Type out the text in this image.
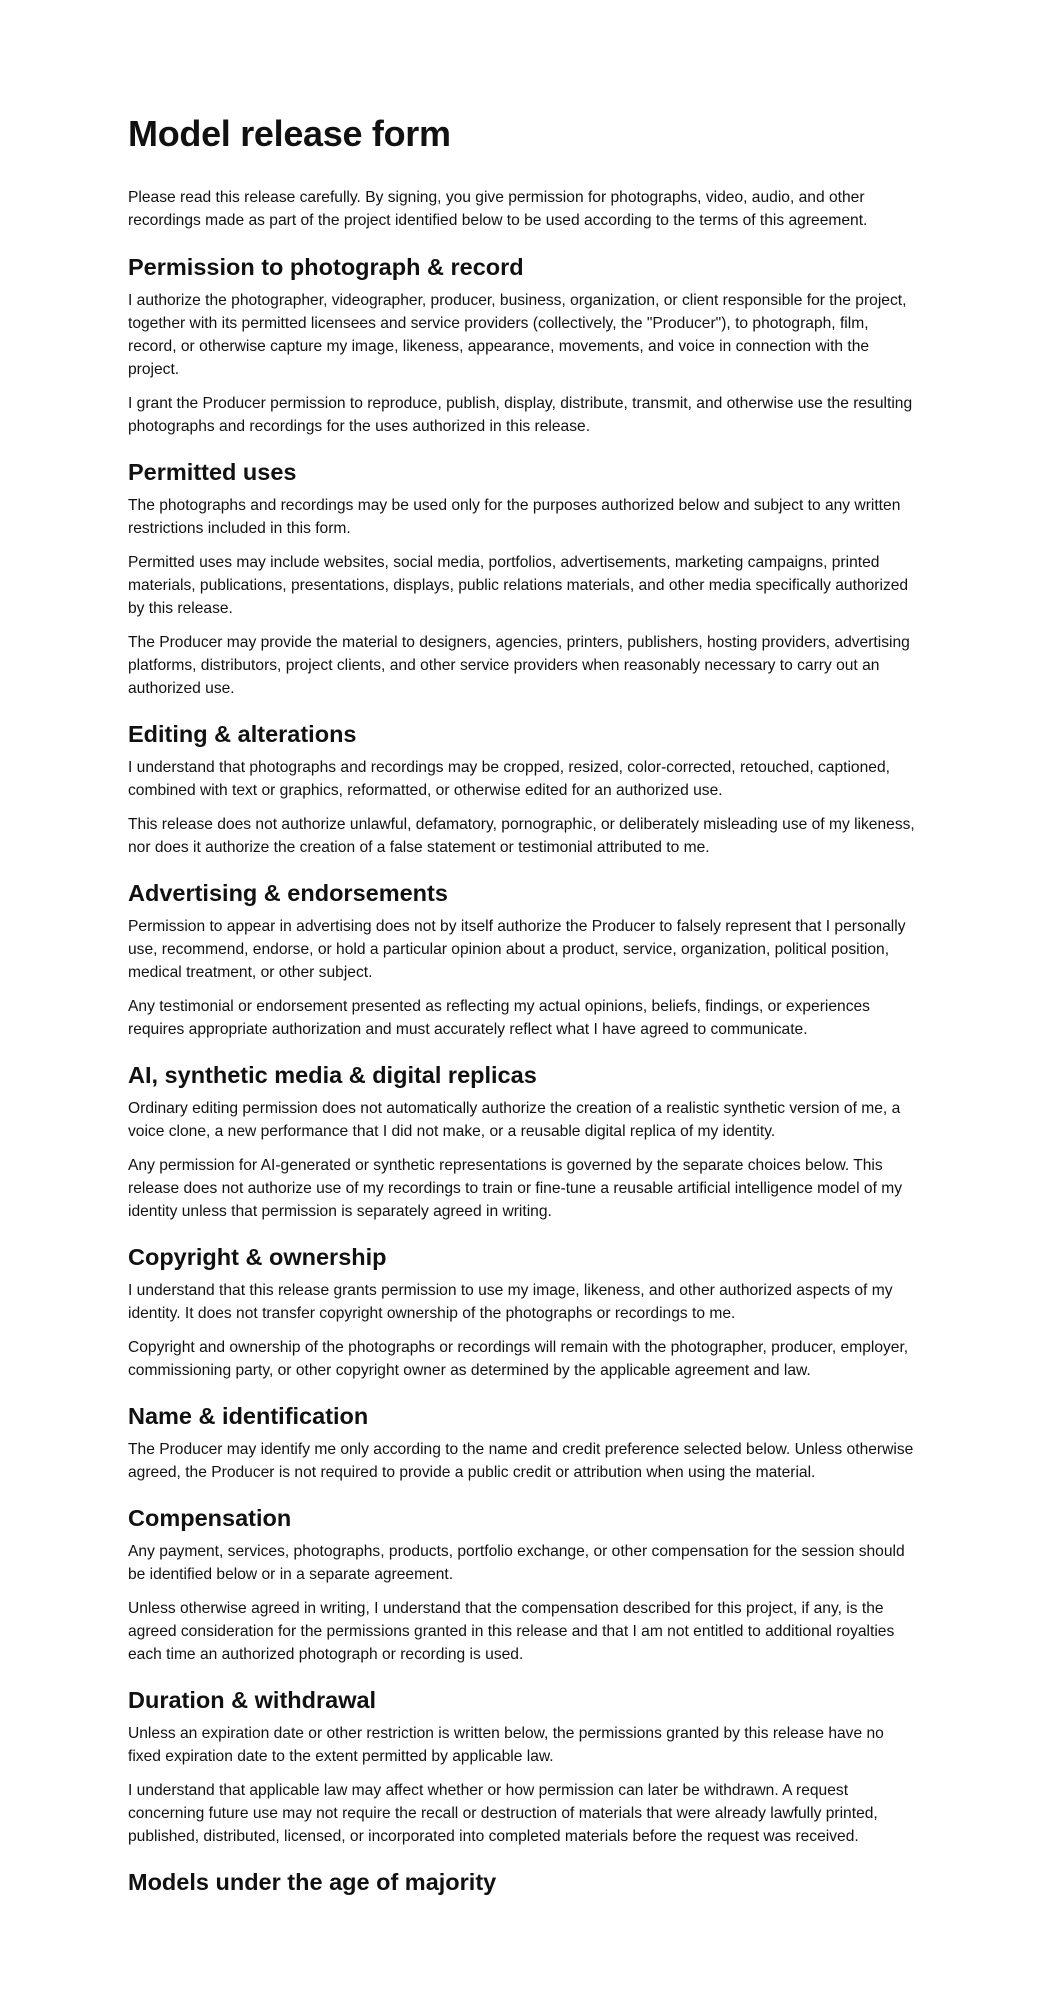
Model release form

Please read this release carefully. By signing, you give permission for photographs, video, audio, and other recordings made as part of the project identified below to be used according to the terms of this agreement.

Permission to photograph & record

I authorize the photographer, videographer, producer, business, organization, or client responsible for the project, together with its permitted licensees and service providers (collectively, the "Producer"), to photograph, film, record, or otherwise capture my image, likeness, appearance, movements, and voice in connection with the project.

I grant the Producer permission to reproduce, publish, display, distribute, transmit, and otherwise use the resulting photographs and recordings for the uses authorized in this release.

Permitted uses

The photographs and recordings may be used only for the purposes authorized below and subject to any written restrictions included in this form.

Permitted uses may include websites, social media, portfolios, advertisements, marketing campaigns, printed materials, publications, presentations, displays, public relations materials, and other media specifically authorized by this release.

The Producer may provide the material to designers, agencies, printers, publishers, hosting providers, advertising platforms, distributors, project clients, and other service providers when reasonably necessary to carry out an authorized use.

Editing & alterations

I understand that photographs and recordings may be cropped, resized, color-corrected, retouched, captioned, combined with text or graphics, reformatted, or otherwise edited for an authorized use.

This release does not authorize unlawful, defamatory, pornographic, or deliberately misleading use of my likeness, nor does it authorize the creation of a false statement or testimonial attributed to me.

Advertising & endorsements

Permission to appear in advertising does not by itself authorize the Producer to falsely represent that I personally use, recommend, endorse, or hold a particular opinion about a product, service, organization, political position, medical treatment, or other subject.

Any testimonial or endorsement presented as reflecting my actual opinions, beliefs, findings, or experiences requires appropriate authorization and must accurately reflect what I have agreed to communicate.

AI, synthetic media & digital replicas

Ordinary editing permission does not automatically authorize the creation of a realistic synthetic version of me, a voice clone, a new performance that I did not make, or a reusable digital replica of my identity.

Any permission for AI-generated or synthetic representations is governed by the separate choices below. This release does not authorize use of my recordings to train or fine-tune a reusable artificial intelligence model of my identity unless that permission is separately agreed in writing.

Copyright & ownership

I understand that this release grants permission to use my image, likeness, and other authorized aspects of my identity. It does not transfer copyright ownership of the photographs or recordings to me.

Copyright and ownership of the photographs or recordings will remain with the photographer, producer, employer, commissioning party, or other copyright owner as determined by the applicable agreement and law.

Name & identification

The Producer may identify me only according to the name and credit preference selected below. Unless otherwise agreed, the Producer is not required to provide a public credit or attribution when using the material.

Compensation

Any payment, services, photographs, products, portfolio exchange, or other compensation for the session should be identified below or in a separate agreement.

Unless otherwise agreed in writing, I understand that the compensation described for this project, if any, is the agreed consideration for the permissions granted in this release and that I am not entitled to additional royalties each time an authorized photograph or recording is used.

Duration & withdrawal

Unless an expiration date or other restriction is written below, the permissions granted by this release have no fixed expiration date to the extent permitted by applicable law.

I understand that applicable law may affect whether or how permission can later be withdrawn. A request concerning future use may not require the recall or destruction of materials that were already lawfully printed, published, distributed, licensed, or incorporated into completed materials before the request was received.

Models under the age of majority
